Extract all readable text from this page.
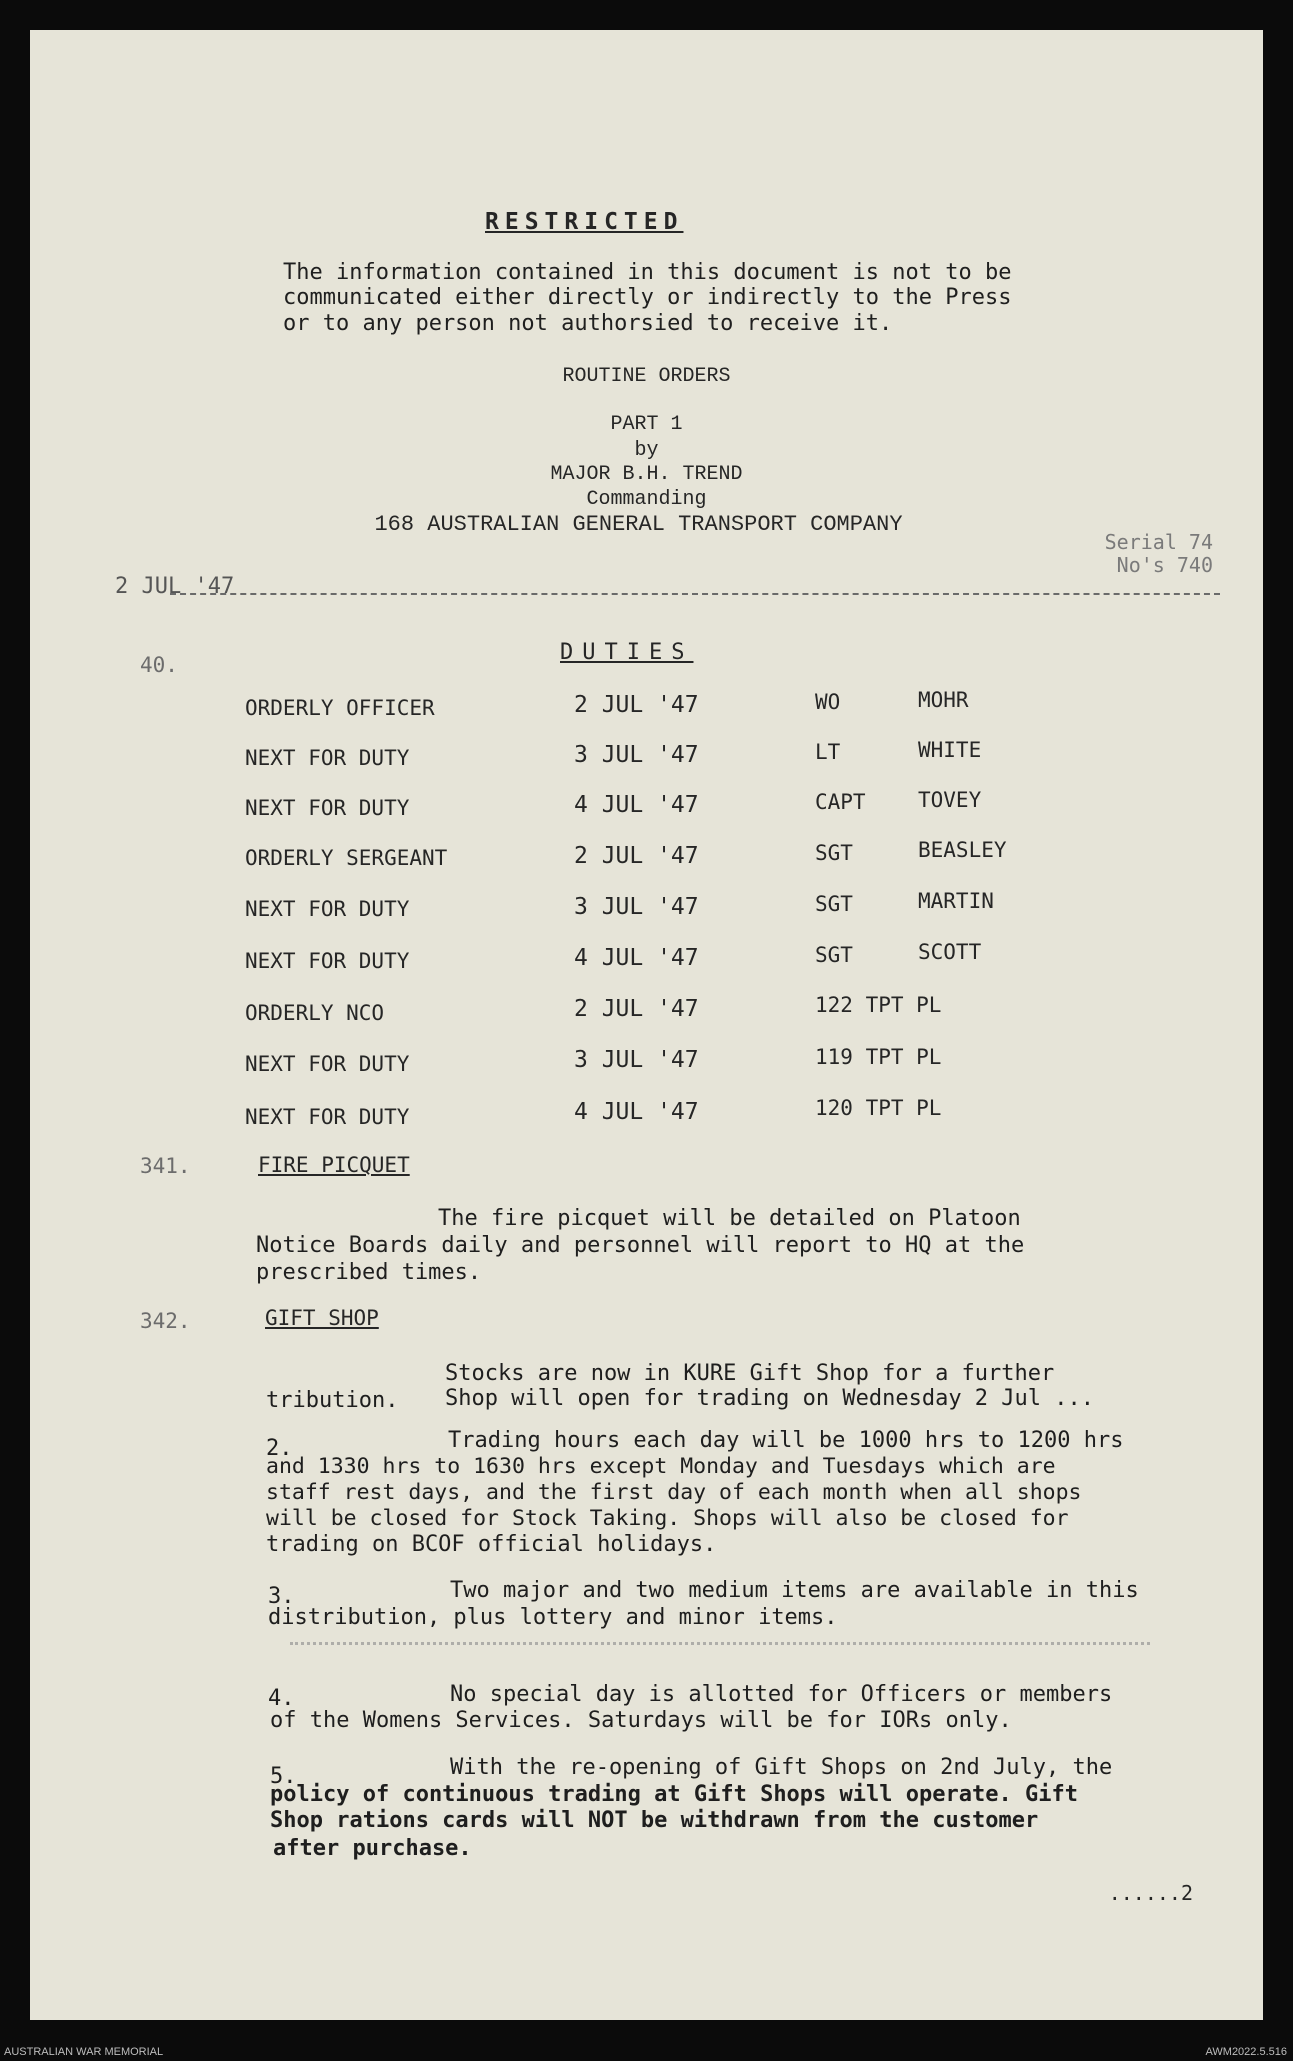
RESTRICTED
The information contained in this document is not to be
communicated either directly or indirectly to the Press
or to any person not authorsied to receive it.
ROUTINE ORDERS
PART 1
by
MAJOR B.H. TREND
Commanding
168 AUSTRALIAN GENERAL TRANSPORT COMPANY
Serial 74
No's 740
2 JUL '47
40.	DUTIES
ORDERLY OFFICER	2 JUL '47	WO	MOHR
NEXT FOR DUTY	3 JUL '47	LT	WHITE
NEXT FOR DUTY	4 JUL '47	CAPT TOVEY
ORDERLY SERGEANT	2 JUL '47	SGT	BEASLEY
NEXT FOR DUTY	3 JUL '47	SGT	MARTIN
NEXT FOR DUTY	4 JUL '47	SGT	SCOTT
ORDERLY NCO	2 JUL '47	122 TPT PL
NEXT FOR DUTY	3 JUL '47	119 TPT PL
NEXT FOR DUTY	4 JUL '47	120 TPT PL
341.	FIRE PICQUET
The fire picquet will be detailed on Platoon
Notice Boards daily and personnel will report to HQ at the
prescribed times.
342.	GIFT SHOP
Stocks are now in KURE Gift Shop for a further
tribution. Shop will open for trading on Wednesday 2 Jul ...
2.	Trading hours each day will be 1000 hrs to 1200 hrs
and 1330 hrs to 1630 hrs except Monday and Tuesdays which are
staff rest days, and the first day of each month when all shops
will be closed for Stock Taking. Shops will also be closed for
trading on BCOF official holidays.
3.	Two major and two medium items are available in this
distribution, plus lottery and minor items.
4.	No special day is allotted for Officers or members
of the Womens Services. Saturdays will be for IORs only.
5.	With the re-opening of Gift Shops on 2nd July, the
policy of continuous trading at Gift Shops will operate. Gift
Shop rations cards will NOT be withdrawn from the customer
after purchase.
......2
AUSTRALIAN WAR MEMORIAL	AWM2022.5.516
